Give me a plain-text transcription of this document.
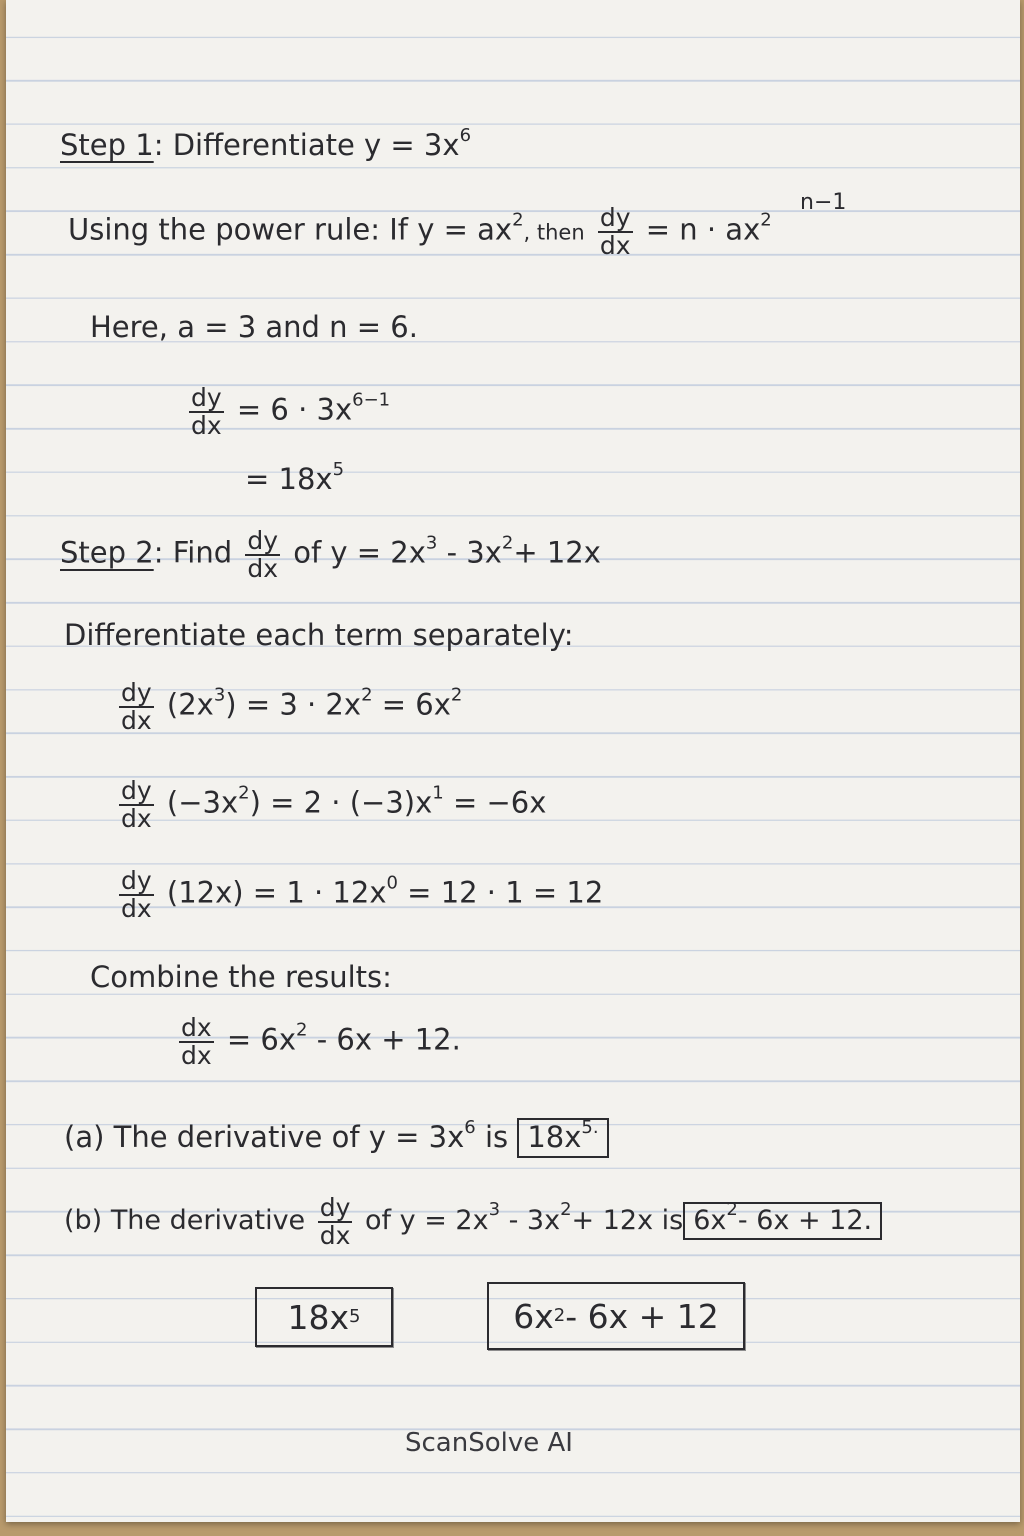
Step 1: Differentiate $y = 3x^6$
Using the power rule: If $y = ax^2$, then $\frac{dy}{dx} = n \cdot ax^2$
n−1
Here, a = 3 and n = 6.
$\frac{dy}{dx} = 6 \cdot 3x^{6-1}$
= $18x^5$
Step 2: Find $\frac{dy}{dx}$ of $y = 2x^3 - 3x^2+ 12x$
Differentiate each term separately:
$\frac{dy}{dx} (2x^3) = 3 \cdot 2x^2 = 6x^2$
$\frac{dy}{dx} (-3x^2) = 2 \cdot (-3)x^1 = -6x$
$\frac{dy}{dx} (12x) = 1 \cdot 12x^0 = 12 \cdot 1 = 12$
Combine the results:
$\frac{dx}{dx} = 6x^2 - 6x + 12$.
(a) The derivative of $y = 3x^6$ is $18x^{5.}$
(b) The derivative $\frac{dy}{dx}$ of $y = 2x^3 - 3x^2+ 12x$ is $6x^2-$ 6x + 12.
18x 5	6x 2 - 6x + 12
ScanSolve AI
